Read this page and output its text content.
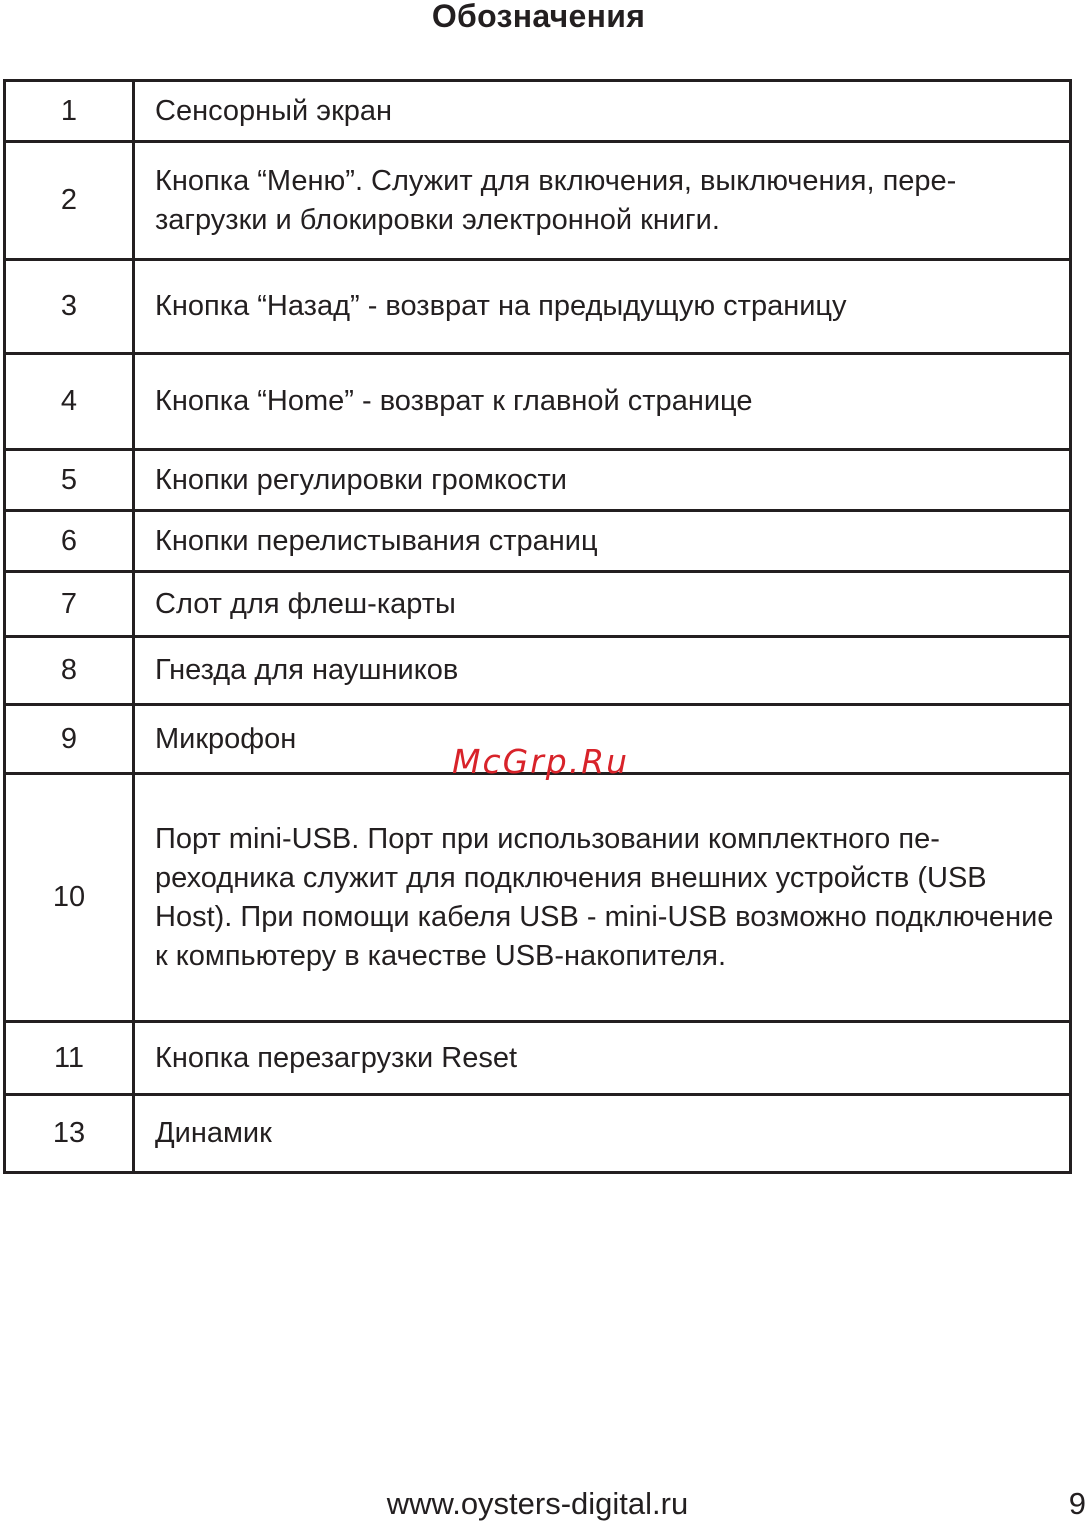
Обозначения
1	Сенсорный экран
2	Кнопка “Меню”. Служит для включения, выключения, пере-загрузки и блокировки электронной книги.
3	Кнопка “Назад” - возврат на предыдущую страницу
4	Кнопка “Home” - возврат к главной странице
5	Кнопки регулировки громкости
6	Кнопки перелистывания страниц
7	Слот для флеш-карты
8	Гнезда для наушников
9	Микрофон
10	Порт mini-USB. Порт при использовании комплектного пе-реходника служит для подключения внешних устройств (USB Host). При помощи кабеля USB - mini-USB возможно подключение к компьютеру в качестве USB-накопителя.
11	Кнопка перезагрузки Reset
13	Динамик
McGrp.Ru
www.oysters-digital.ru	9
